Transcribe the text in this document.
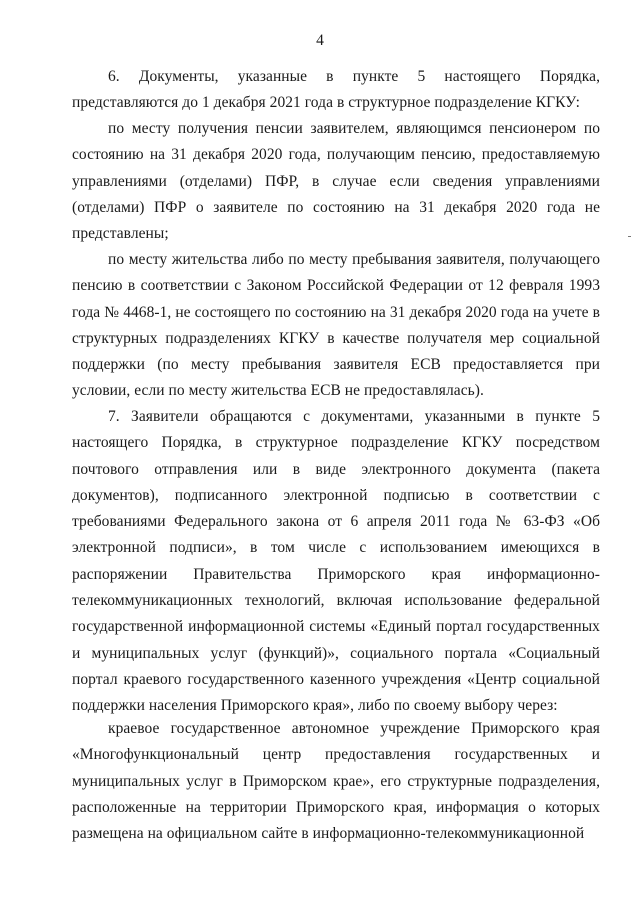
4

6. Документы, указанные в пункте 5 настоящего Порядка, представляются до 1 декабря 2021 года в структурное подразделение КГКУ:

по месту получения пенсии заявителем, являющимся пенсионером по состоянию на 31 декабря 2020 года, получающим пенсию, предоставляемую управлениями (отделами) ПФР, в случае если сведения управлениями (отделами) ПФР о заявителе по состоянию на 31 декабря 2020 года не представлены;

по месту жительства либо по месту пребывания заявителя, получающего пенсию в соответствии с Законом Российской Федерации от 12 февраля 1993 года № 4468-1, не состоящего по состоянию на 31 декабря 2020 года на учете в структурных подразделениях КГКУ в качестве получателя мер социальной поддержки (по месту пребывания заявителя ЕСВ предоставляется при условии, если по месту жительства ЕСВ не предоставлялась).

7. Заявители обращаются с документами, указанными в пункте 5 настоящего Порядка, в структурное подразделение КГКУ посредством почтового отправления или в виде электронного документа (пакета документов), подписанного электронной подписью в соответствии с требованиями Федерального закона от 6 апреля 2011 года № 63-ФЗ «Об электронной подписи», в том числе с использованием имеющихся в распоряжении Правительства Приморского края информационно-телекоммуникационных технологий, включая использование федеральной государственной информационной системы «Единый портал государственных и муниципальных услуг (функций)», социального портала «Социальный портал краевого государственного казенного учреждения «Центр социальной поддержки населения Приморского края», либо по своему выбору через:

краевое государственное автономное учреждение Приморского края «Многофункциональный центр предоставления государственных и муниципальных услуг в Приморском крае», его структурные подразделения, расположенные на территории Приморского края, информация о которых размещена на официальном сайте в информационно-телекоммуникационной
